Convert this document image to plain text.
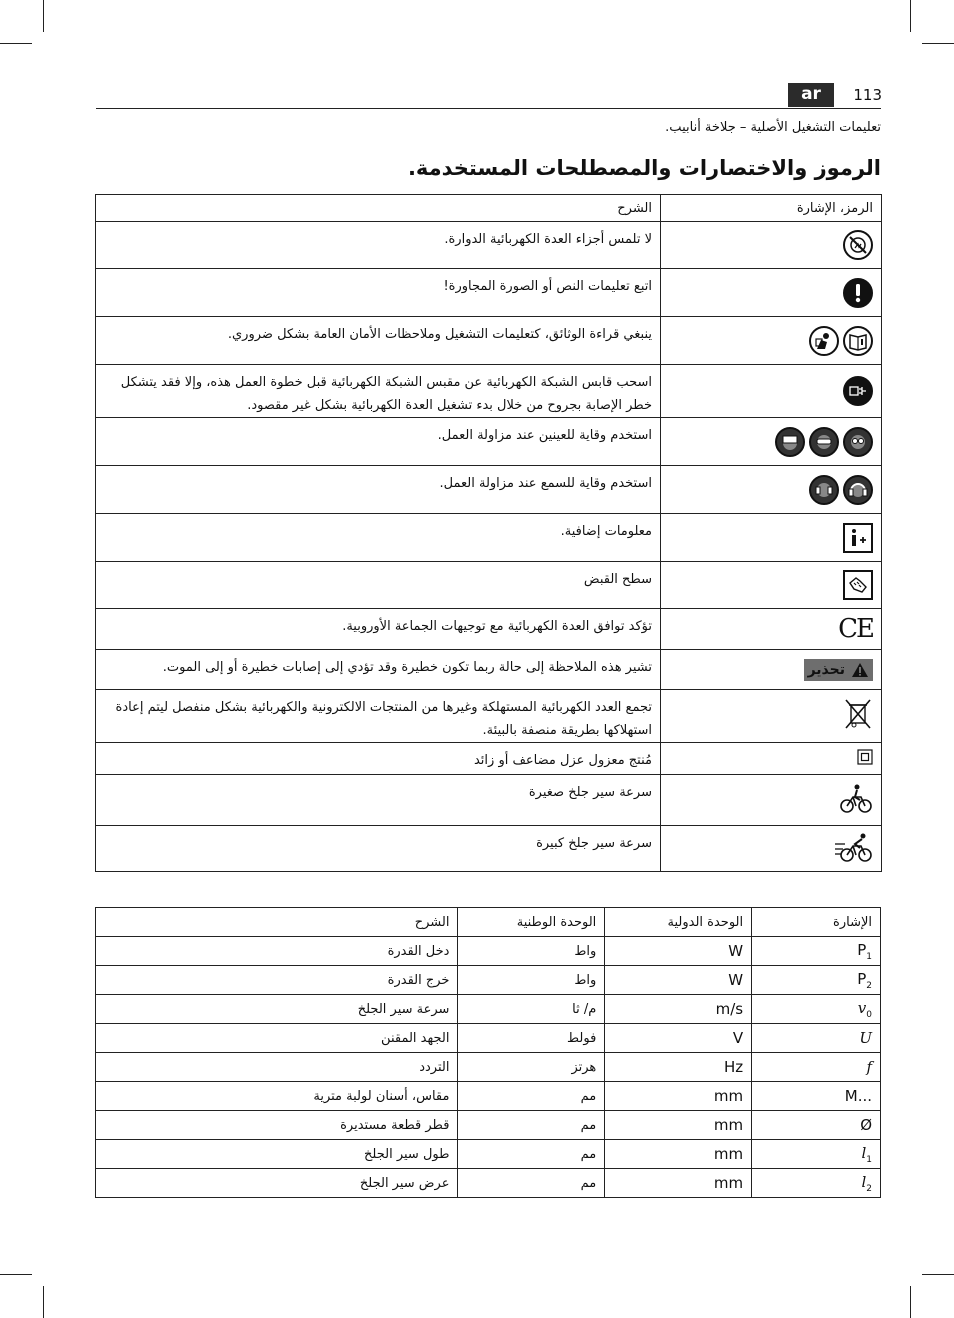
ar	113
تعليمات التشغيل الأصلية – جلاخة أنابيب.
الرموز والاختصارات والمصطلحات المستخدمة.
الشرح	الرمز، الإشارة
لا تلمس أجزاء العدة الكهربائية الدوارة.	

اتبع تعليمات النص أو الصورة المجاورة!	

ينبغي قراءة الوثائق، كتعليمات التشغيل وملاحظات الأمان العامة بشكل ضروري.	

اسحب قابس الشبكة الكهربائية عن مقبس الشبكة الكهربائية قبل خطوة العمل هذه، وإلا فقد يتشكل خطر الإصابة بجروح من خلال بدء تشغيل العدة الكهربائية بشكل غير مقصود.	

استخدم وقاية للعينين عند مزاولة العمل.	

استخدم وقاية للسمع عند مزاولة العمل.	

معلومات إضافية.	

سطح القبض	

تؤكد توافق العدة الكهربائية مع توجيهات الجماعة الأوروبية.	CE

تشير هذه الملاحظة إلى حالة ربما تكون خطيرة وقد تؤدي إلى إصابات خطيرة أو إلى الموت.	تحذير

تجمع العدد الكهربائية المستهلكة وغيرها من المنتجات الالكترونية والكهربائية بشكل منفصل ليتم إعادة استهلاكها بطريقة منصفة بالبيئة.	

مُنتج معزول عزل مضاعف أو زائد	

سرعة سير جلخ صغيرة	

سرعة سير جلخ كبيرة	
الشرح	الوحدة الوطنية	الوحدة الدولية	الإشارة
دخل القدرة	واط	W	$P_1$
خرج القدرة	واط	W	$P_2$
سرعة سير الجلخ	م/ ثا	m/s	$v_0$
الجهد المقنن	فولط	V	U
التردد	هرتز	Hz	f
مقاس، أسنان لولبة مترية	مم	mm	M...
قطر قطعة مستديرة	مم	mm	Ø
طول سير الجلخ	مم	mm	$l_1$
عرض سير الجلخ	مم	mm	$l_2$
